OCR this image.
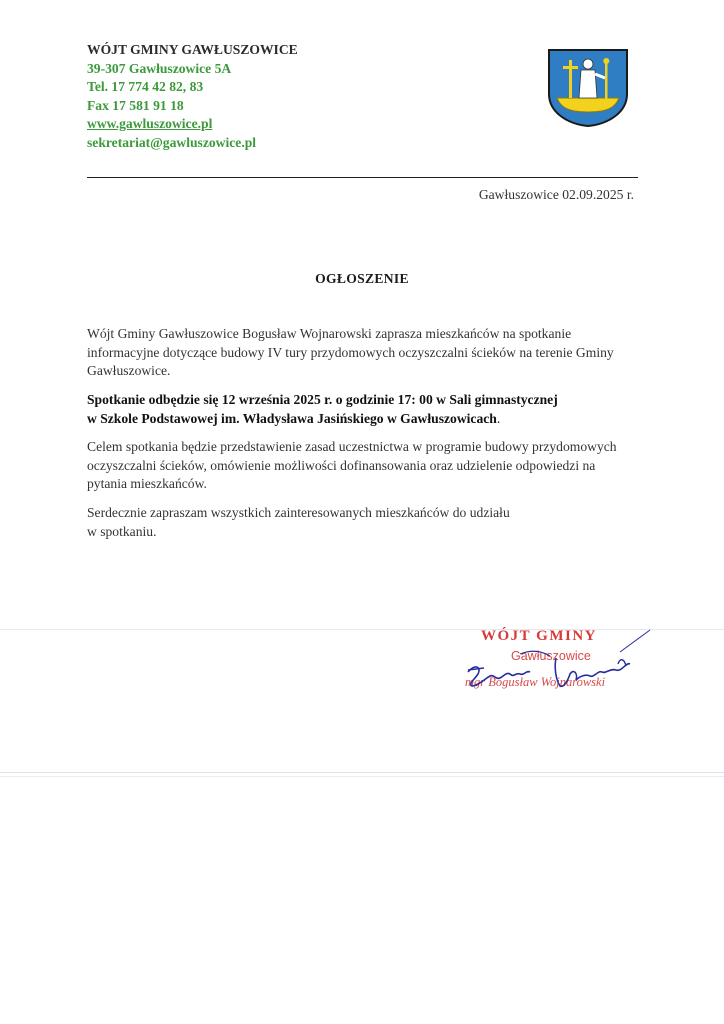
WÓJT GMINY GAWŁUSZOWICE
39-307 Gawłuszowice 5A
Tel. 17 774 42 82, 83
Fax 17 581 91 18
www.gawluszowice.pl
sekretariat@gawluszowice.pl
Gawłuszowice 02.09.2025 r.
OGŁOSZENIE
Wójt Gminy Gawłuszowice Bogusław Wojnarowski zaprasza mieszkańców na spotkanie informacyjne dotyczące budowy IV tury przydomowych oczyszczalni ścieków na terenie Gminy Gawłuszowice.
Spotkanie odbędzie się 12 września 2025 r. o godzinie 17: 00 w Sali gimnastycznej
w Szkole Podstawowej im. Władysława Jasińskiego w Gawłuszowicach.
Celem spotkania będzie przedstawienie zasad uczestnictwa w programie budowy przydomowych oczyszczalni ścieków, omówienie możliwości dofinansowania oraz udzielenie odpowiedzi na pytania mieszkańców.
Serdecznie zapraszam wszystkich zainteresowanych mieszkańców do udziału
w spotkaniu.
WÓJT GMINY
Gawłuszowice
mgr Bogusław Wojnarowski
